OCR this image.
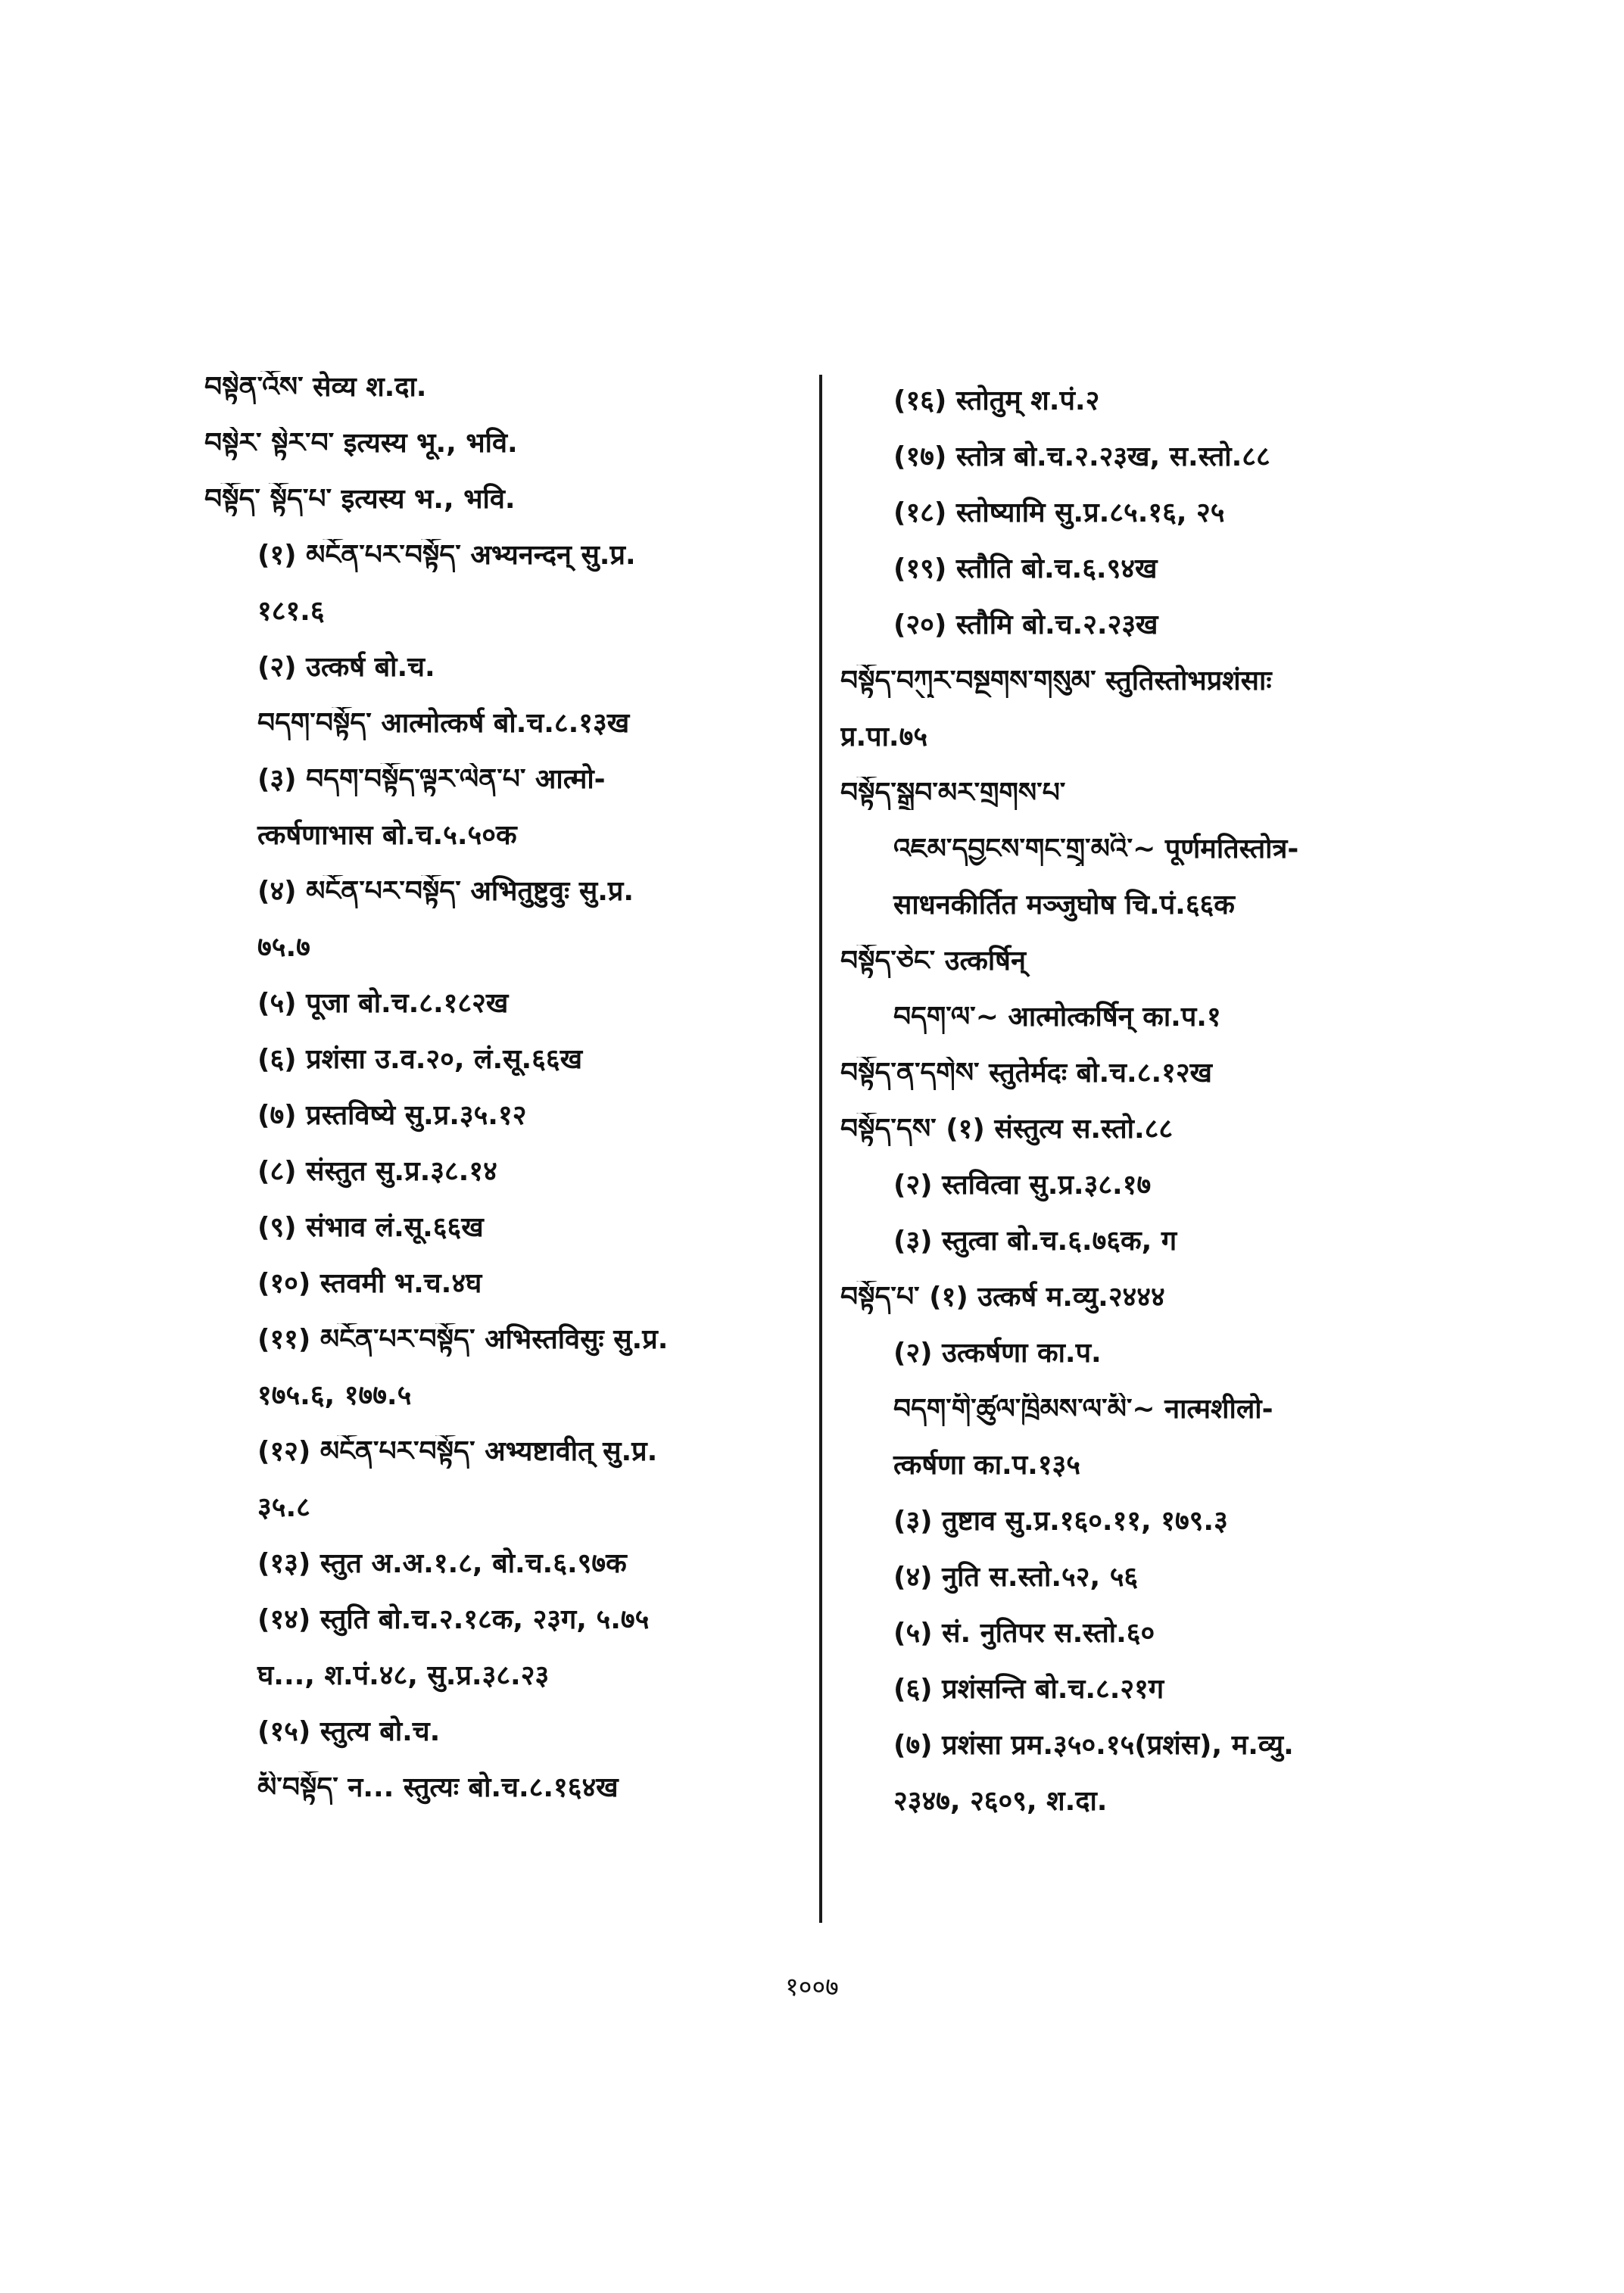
བསྟེན་འོས་ सेव्य श.दा.
བསྟེར་ སྟེར་བ་ इत्यस्य भू., भवि.
བསྟོད་ སྟོད་པ་ इत्यस्य भ., भवि.
(१) མངོན་པར་བསྟོད་ अभ्यनन्दन् सु.प्र.
१८१.६
(२) उत्कर्ष बो.च.
བདག་བསྟོད་ आत्मोत्कर्ष बो.च.८.१३ख
(३) བདག་བསྟོད་ལྟར་ལེན་པ་ आत्मो-
त्कर्षणाभास बो.च.५.५०क
(४) མངོན་པར་བསྟོད་ अभितुष्टुवुः सु.प्र.
७५.७
(५) पूजा बो.च.८.१८२ख
(६) प्रशंसा उ.व.२०, लं.सू.६६ख
(७) प्रस्तविष्ये सु.प्र.३५.१२
(८) संस्तुत सु.प्र.३८.१४
(९) संभाव लं.सू.६६ख
(१०) स्तवमी भ.च.४घ
(११) མངོན་པར་བསྟོད་ अभिस्तविसुः सु.प्र.
१७५.६, १७७.५
(१२) མངོན་པར་བསྟོད་ अभ्यष्टावीत् सु.प्र.
३५.८
(१३) स्तुत अ.अ.१.८, बो.च.६.९७क
(१४) स्तुति बो.च.२.१८क, २३ग, ५.७५
घ..., श.पं.४८, सु.प्र.३८.२३
(१५) स्तुत्य बो.च.
མི་བསྟོད་ न... स्तुत्यः बो.च.८.१६४ख
(१६) स्तोतुम् श.पं.२
(१७) स्तोत्र बो.च.२.२३ख, स.स्तो.८८
(१८) स्तोष्यामि सु.प्र.८५.१६, २५
(१९) स्तौति बो.च.६.९४ख
(२०) स्तौमि बो.च.२.२३ख
བསྟོད་བཀུར་བསྔགས་གསུམ་ स्तुतिस्तोभप्रशंसाः
प्र.पा.७५
བསྟོད་སྒྲུབ་མར་གྲགས་པ་
འཇམ་དབྱངས་གང་གྲྭ་མའི་~ पूर्णमतिस्तोत्र-
साधनकीर्तित मञ्जुघोष चि.पं.६६क
བསྟོད་ཅེང་ उत्कर्षिन्
བདག་ལ་~ आत्मोत्कर्षिन् का.प.१
བསྟོད་ན་དགེས་ स्तुतेर्मदः बो.च.८.१२ख
བསྟོད་དས་ (१) संस्तुत्य स.स्तो.८८
(२) स्तवित्वा सु.प्र.३८.१७
(३) स्तुत्वा बो.च.६.७६क, ग
བསྟོད་པ་ (१) उत्कर्ष म.व्यु.२४४४
(२) उत्कर्षणा का.प.
བདག་གི་ཚུལ་ཁྲིམས་ལ་མི་~ नात्मशीलो-
त्कर्षणा का.प.१३५
(३) तुष्टाव सु.प्र.१६०.११, १७९.३
(४) नुति स.स्तो.५२, ५६
(५) सं. नुतिपर स.स्तो.६०
(६) प्रशंसन्ति बो.च.८.२१ग
(७) प्रशंसा प्रम.३५०.१५(प्रशंस), म.व्यु.
२३४७, २६०९, श.दा.
१००७
